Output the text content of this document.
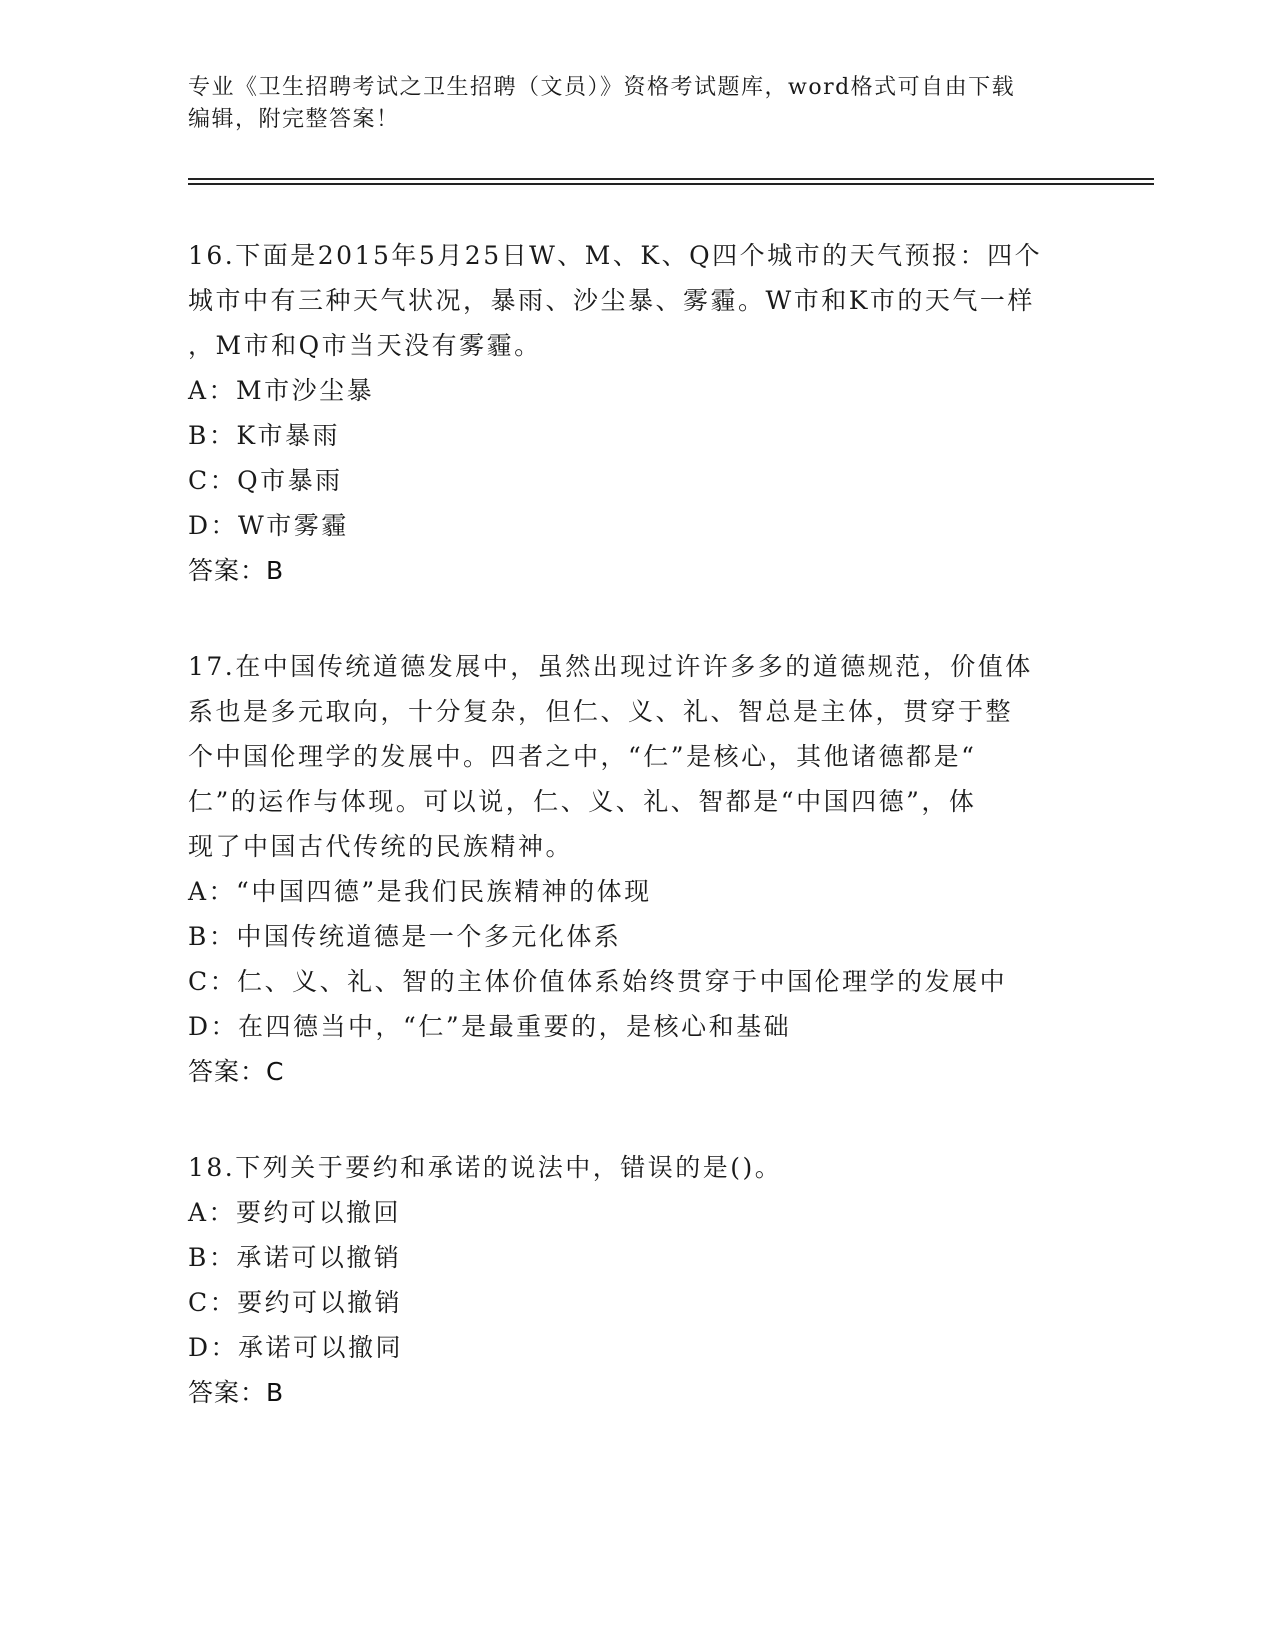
专业《卫生招聘考试之卫生招聘（文员）》资格考试题库，word格式可自由下载
编辑，附完整答案！

16.下面是2015年5月25日W、M、K、Q四个城市的天气预报：四个

城市中有三种天气状况，暴雨、沙尘暴、雾霾。W市和K市的天气一样

，M市和Q市当天没有雾霾。

A：M市沙尘暴

B：K市暴雨

C：Q市暴雨

D：W市雾霾

答案：B

17.在中国传统道德发展中，虽然出现过许许多多的道德规范，价值体

系也是多元取向，十分复杂，但仁、义、礼、智总是主体，贯穿于整

个中国伦理学的发展中。四者之中，“仁”是核心，其他诸德都是“

仁”的运作与体现。可以说，仁、义、礼、智都是“中国四德”，体

现了中国古代传统的民族精神。

A：“中国四德”是我们民族精神的体现

B：中国传统道德是一个多元化体系

C：仁、义、礼、智的主体价值体系始终贯穿于中国伦理学的发展中

D：在四德当中，“仁”是最重要的，是核心和基础

答案：C

18.下列关于要约和承诺的说法中，错误的是()。

A：要约可以撤回

B：承诺可以撤销

C：要约可以撤销

D：承诺可以撤同

答案：B
